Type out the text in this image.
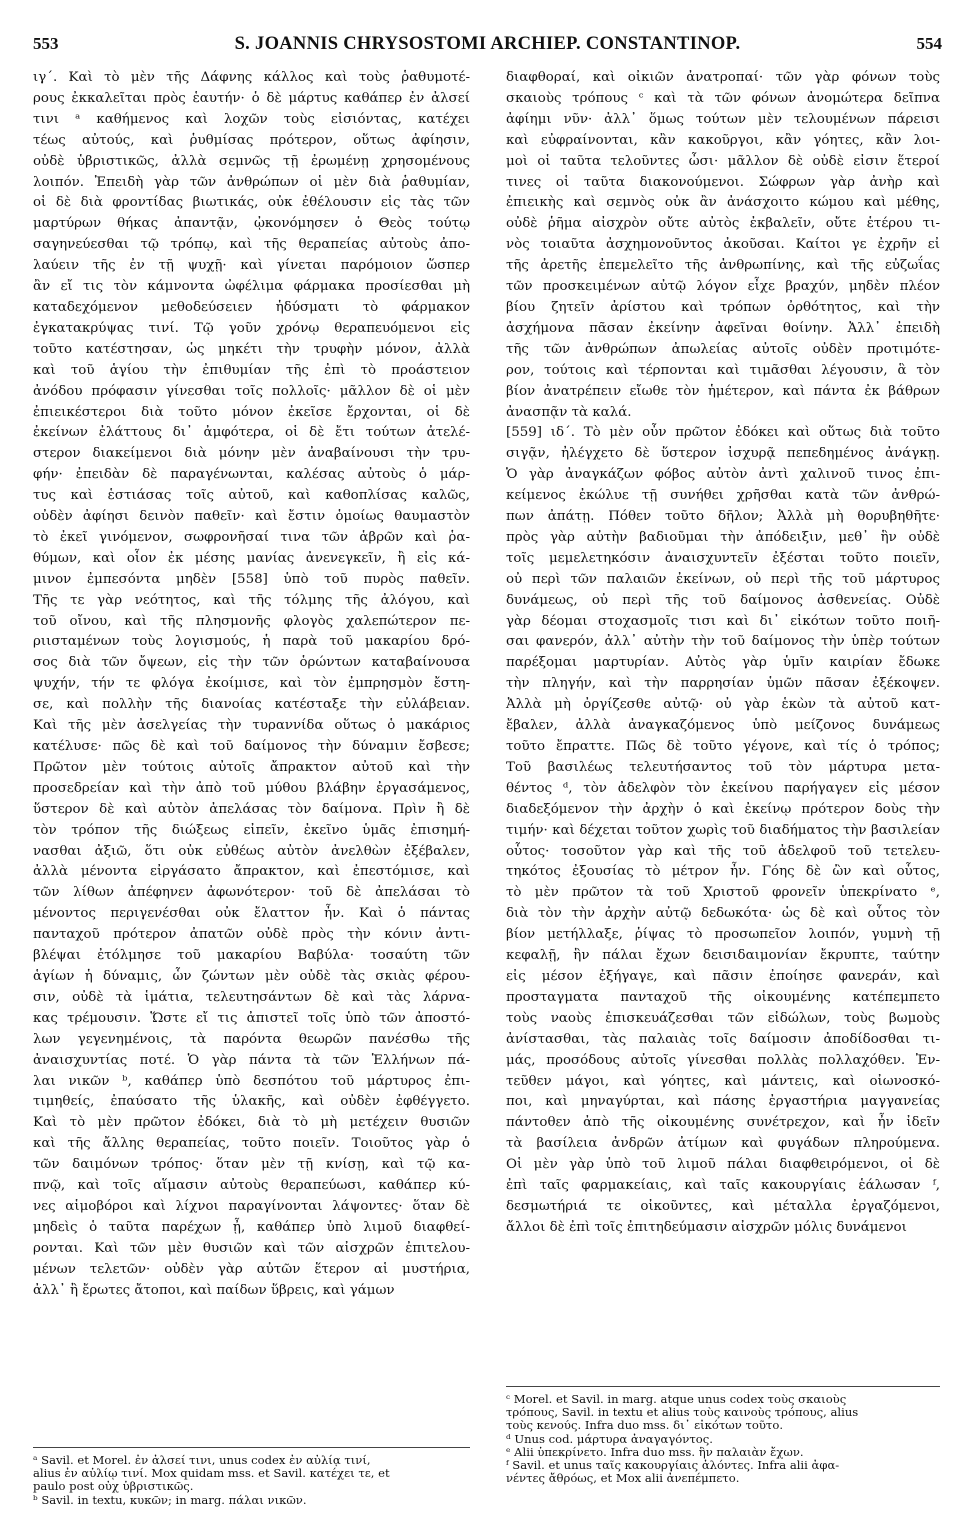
553	S. JOANNIS CHRYSOSTOMI ARCHIEP. CONSTANTINOP.	554

ιγ΄. Καὶ τὸ μὲν τῆς Δάφνης κάλλος καὶ τοὺς ῥαθυμοτέ-

ρους ἐκκαλεῖται πρὸς ἑαυτήν· ὁ δὲ μάρτυς καθάπερ ἐν ἀλσεί

τινι ᵃ καθήμενος καὶ λοχῶν τοὺς εἰσιόντας, κατέχει

τέως αὐτούς, καὶ ῥυθμίσας πρότερον, οὕτως ἀφίησιν,

οὐδὲ ὑβριστικῶς, ἀλλὰ σεμνῶς τῇ ἐρωμένῃ χρησομένους

λοιπόν. Ἐπειδὴ γὰρ τῶν ἀνθρώπων οἱ μὲν διὰ ῥαθυμίαν,

οἱ δὲ διὰ φροντίδας βιωτικάς, οὐκ ἐθέλουσιν εἰς τὰς τῶν

μαρτύρων θήκας ἀπαντᾷν, ᾠκονόμησεν ὁ Θεὸς τούτῳ

σαγηνεύεσθαι τῷ τρόπῳ, καὶ τῆς θεραπείας αὐτοὺς ἀπο-

λαύειν τῆς ἐν τῇ ψυχῇ· καὶ γίνεται παρόμοιον ὥσπερ

ἂν εἴ τις τὸν κάμνοντα ὠφέλιμα φάρμακα προσίεσθαι μὴ

καταδεχόμενον μεθοδεύσειεν ἡδύσματι τὸ φάρμακον

ἐγκατακρύψας τινί. Τῷ γοῦν χρόνῳ θεραπευόμενοι εἰς

τοῦτο κατέστησαν, ὡς μηκέτι τὴν τρυφὴν μόνον, ἀλλὰ

καὶ τοῦ ἁγίου τὴν ἐπιθυμίαν τῆς ἐπὶ τὸ προάστειον

ἀνόδου πρόφασιν γίνεσθαι τοῖς πολλοῖς· μᾶλλον δὲ οἱ μὲν

ἐπιεικέστεροι διὰ τοῦτο μόνον ἐκεῖσε ἔρχονται, οἱ δὲ

ἐκείνων ἐλάττους δι᾽ ἀμφότερα, οἱ δὲ ἔτι τούτων ἀτελέ-

στερον διακείμενοι διὰ μόνην μὲν ἀναβαίνουσι τὴν τρυ-

φήν· ἐπειδὰν δὲ παραγένωνται, καλέσας αὐτοὺς ὁ μάρ-

τυς καὶ ἑστιάσας τοῖς αὐτοῦ, καὶ καθοπλίσας καλῶς,

οὐδὲν ἀφίησι δεινὸν παθεῖν· καὶ ἔστιν ὁμοίως θαυμαστὸν

τὸ ἐκεῖ γινόμενον, σωφρονῆσαί τινα τῶν ἁβρῶν καὶ ῥα-

θύμων, καὶ οἷον ἐκ μέσης μανίας ἀνενεγκεῖν, ἢ εἰς κά-

μινον ἐμπεσόντα μηδὲν [558] ὑπὸ τοῦ πυρὸς παθεῖν.

Τῆς τε γὰρ νεότητος, καὶ τῆς τόλμης τῆς ἀλόγου, καὶ

τοῦ οἴνου, καὶ τῆς πλησμονῆς φλογὸς χαλεπώτερον πε-

ριισταμένων τοὺς λογισμούς, ἡ παρὰ τοῦ μακαρίου δρό-

σος διὰ τῶν ὄψεων, εἰς τὴν τῶν ὁρώντων καταβαίνουσα

ψυχήν, τήν τε φλόγα ἐκοίμισε, καὶ τὸν ἐμπρησμὸν ἔστη-

σε, καὶ πολλὴν τῆς διανοίας κατέσταξε τὴν εὐλάβειαν.

Καὶ τῆς μὲν ἀσελγείας τὴν τυραννίδα οὕτως ὁ μακάριος

κατέλυσε· πῶς δὲ καὶ τοῦ δαίμονος τὴν δύναμιν ἔσβεσε;

Πρῶτον μὲν τούτοις αὐτοῖς ἄπρακτον αὐτοῦ καὶ τὴν

προσεδρείαν καὶ τὴν ἀπὸ τοῦ μύθου βλάβην ἐργασάμενος,

ὕστερον δὲ καὶ αὐτὸν ἀπελάσας τὸν δαίμονα. Πρὶν ἢ δὲ

τὸν τρόπον τῆς διώξεως εἰπεῖν, ἐκεῖνο ὑμᾶς ἐπισημή-

νασθαι ἀξιῶ, ὅτι οὐκ εὐθέως αὐτὸν ἀνελθὼν ἐξέβαλεν,

ἀλλὰ μένοντα εἰργάσατο ἄπρακτον, καὶ ἐπεστόμισε, καὶ

τῶν λίθων ἀπέφηνεν ἀφωνότερον· τοῦ δὲ ἀπελάσαι τὸ

μένοντος περιγενέσθαι οὐκ ἔλαττον ἦν. Καὶ ὁ πάντας

πανταχοῦ πρότερον ἀπατῶν οὐδὲ πρὸς τὴν κόνιν ἀντι-

βλέψαι ἐτόλμησε τοῦ μακαρίου Βαβύλα· τοσαύτη τῶν

ἁγίων ἡ δύναμις, ὧν ζώντων μὲν οὐδὲ τὰς σκιὰς φέρου-

σιν, οὐδὲ τὰ ἱμάτια, τελευτησάντων δὲ καὶ τὰς λάρνα-

κας τρέμουσιν. Ὥστε εἴ τις ἀπιστεῖ τοῖς ὑπὸ τῶν ἀποστό-

λων γεγενημένοις, τὰ παρόντα θεωρῶν πανέσθω τῆς

ἀναισχυντίας ποτέ. Ὁ γὰρ πάντα τὰ τῶν Ἑλλήνων πά-

λαι νικῶν ᵇ, καθάπερ ὑπὸ δεσπότου τοῦ μάρτυρος ἐπι-

τιμηθείς, ἐπαύσατο τῆς ὑλακῆς, καὶ οὐδὲν ἐφθέγγετο.

Καὶ τὸ μὲν πρῶτον ἐδόκει, διὰ τὸ μὴ μετέχειν θυσιῶν

καὶ τῆς ἄλλης θεραπείας, τοῦτο ποιεῖν. Τοιοῦτος γὰρ ὁ

τῶν δαιμόνων τρόπος· ὅταν μὲν τῇ κνίσῃ, καὶ τῷ κα-

πνῷ, καὶ τοῖς αἵμασιν αὐτοὺς θεραπεύωσι, καθάπερ κύ-

νες αἱμοβόροι καὶ λίχνοι παραγίνονται λάψοντες· ὅταν δὲ

μηδεὶς ὁ ταῦτα παρέχων ᾖ, καθάπερ ὑπὸ λιμοῦ διαφθεί-

ρονται. Καὶ τῶν μὲν θυσιῶν καὶ τῶν αἰσχρῶν ἐπιτελου-

μένων τελετῶν· οὐδὲν γὰρ αὐτῶν ἕτερον αἱ μυστήρια,

ἀλλ᾽ ἢ ἔρωτες ἄτοποι, καὶ παίδων ὕβρεις, καὶ γάμων

διαφθοραί, καὶ οἰκιῶν ἀνατροπαί· τῶν γὰρ φόνων τοὺς

σκαιοὺς τρόπους ᶜ καὶ τὰ τῶν φόνων ἀνομώτερα δεῖπνα

ἀφίημι νῦν· ἀλλ᾽ ὅμως τούτων μὲν τελουμένων πάρεισι

καὶ εὐφραίνονται, κἂν κακοῦργοι, κἂν γόητες, κἂν λοι-

μοὶ οἱ ταῦτα τελοῦντες ὦσι· μᾶλλον δὲ οὐδὲ εἰσιν ἕτεροί

τινες οἱ ταῦτα διακονούμενοι. Σώφρων γὰρ ἀνὴρ καὶ

ἐπιεικὴς καὶ σεμνὸς οὐκ ἂν ἀνάσχοιτο κώμου καὶ μέθης,

οὐδὲ ῥῆμα αἰσχρὸν οὔτε αὐτὸς ἐκβαλεῖν, οὔτε ἑτέρου τι-

νὸς τοιαῦτα ἀσχημονοῦντος ἀκοῦσαι. Καίτοι γε ἐχρῆν εἰ

τῆς ἀρετῆς ἐπεμελεῖτο τῆς ἀνθρωπίνης, καὶ τῆς εὐζωΐας

τῶν προσκειμένων αὐτῷ λόγον εἶχε βραχύν, μηδὲν πλέον

βίου ζητεῖν ἀρίστου καὶ τρόπων ὀρθότητος, καὶ τὴν

ἀσχήμονα πᾶσαν ἐκείνην ἀφεῖναι θοίνην. Ἀλλ᾽ ἐπειδὴ

τῆς τῶν ἀνθρώπων ἀπωλείας αὐτοῖς οὐδὲν προτιμότε-

ρον, τούτοις καὶ τέρπονται καὶ τιμᾶσθαι λέγουσιν, ἃ τὸν

βίον ἀνατρέπειν εἴωθε τὸν ἡμέτερον, καὶ πάντα ἐκ βάθρων

ἀνασπᾷν τὰ καλά.

[559] ιδ΄. Τὸ μὲν οὖν πρῶτον ἐδόκει καὶ οὕτως διὰ τοῦτο

σιγᾷν, ἠλέγχετο δὲ ὕστερον ἰσχυρᾷ πεπεδημένος ἀνάγκῃ.

Ὁ γὰρ ἀναγκάζων φόβος αὐτὸν ἀντὶ χαλινοῦ τινος ἐπι-

κείμενος ἐκώλυε τῇ συνήθει χρῆσθαι κατὰ τῶν ἀνθρώ-

πων ἀπάτῃ. Πόθεν τοῦτο δῆλον; Ἀλλὰ μὴ θορυβηθῆτε·

πρὸς γὰρ αὐτὴν βαδιοῦμαι τὴν ἀπόδειξιν, μεθ᾽ ἣν οὐδὲ

τοῖς μεμελετηκόσιν ἀναισχυντεῖν ἐξέσται τοῦτο ποιεῖν,

οὐ περὶ τῶν παλαιῶν ἐκείνων, οὐ περὶ τῆς τοῦ μάρτυρος

δυνάμεως, οὐ περὶ τῆς τοῦ δαίμονος ἀσθενείας. Οὐδὲ

γὰρ δέομαι στοχασμοῖς τισι καὶ δι᾽ εἰκότων τοῦτο ποιῆ-

σαι φανερόν, ἀλλ᾽ αὐτὴν τὴν τοῦ δαίμονος τὴν ὑπὲρ τούτων

παρέξομαι μαρτυρίαν. Αὐτὸς γὰρ ὑμῖν καιρίαν ἔδωκε

τὴν πληγήν, καὶ τὴν παρρησίαν ὑμῶν πᾶσαν ἐξέκοψεν.

Ἀλλὰ μὴ ὀργίζεσθε αὐτῷ· οὐ γὰρ ἑκὼν τὰ αὐτοῦ κατ-

ἔβαλεν, ἀλλὰ ἀναγκαζόμενος ὑπὸ μείζονος δυνάμεως

τοῦτο ἔπραττε. Πῶς δὲ τοῦτο γέγονε, καὶ τίς ὁ τρόπος;

Τοῦ βασιλέως τελευτήσαντος τοῦ τὸν μάρτυρα μετα-

θέντος ᵈ, τὸν ἀδελφὸν τὸν ἐκείνου παρήγαγεν εἰς μέσον

διαδεξόμενον τὴν ἀρχὴν ὁ καὶ ἐκείνῳ πρότερον δοὺς τὴν

τιμήν· καὶ δέχεται τοῦτον χωρὶς τοῦ διαδήματος τὴν βασιλείαν

οὗτος· τοσοῦτον γὰρ καὶ τῆς τοῦ ἀδελφοῦ τοῦ τετελευ-

τηκότος ἐξουσίας τὸ μέτρον ἦν. Γόης δὲ ὢν καὶ οὗτος,

τὸ μὲν πρῶτον τὰ τοῦ Χριστοῦ φρονεῖν ὑπεκρίνατο ᵉ,

διὰ τὸν τὴν ἀρχὴν αὐτῷ δεδωκότα· ὡς δὲ καὶ οὗτος τὸν

βίον μετήλλαξε, ῥίψας τὸ προσωπεῖον λοιπόν, γυμνὴ τῇ

κεφαλῇ, ἣν πάλαι ἔχων δεισιδαιμονίαν ἔκρυπτε, ταύτην

εἰς μέσον ἐξήγαγε, καὶ πᾶσιν ἐποίησε φανεράν, καὶ

προσταγματα πανταχοῦ τῆς οἰκουμένης κατέπεμπετο

τοὺς ναοὺς ἐπισκευάζεσθαι τῶν εἰδώλων, τοὺς βωμοὺς

ἀνίστασθαι, τὰς παλαιὰς τοῖς δαίμοσιν ἀποδίδοσθαι τι-

μάς, προσόδους αὐτοῖς γίνεσθαι πολλὰς πολλαχόθεν. Ἐν-

τεῦθεν μάγοι, καὶ γόητες, καὶ μάντεις, καὶ οἰωνοσκό-

ποι, καὶ μηναγύρται, καὶ πάσης ἐργαστήρια μαγγανείας

πάντοθεν ἀπὸ τῆς οἰκουμένης συνέτρεχον, καὶ ἦν ἰδεῖν

τὰ βασίλεια ἀνδρῶν ἀτίμων καὶ φυγάδων πληρούμενα.

Οἱ μὲν γὰρ ὑπὸ τοῦ λιμοῦ πάλαι διαφθειρόμενοι, οἱ δὲ

ἐπὶ ταῖς φαρμακείαις, καὶ ταῖς κακουργίαις ἑάλωσαν ᶠ,

δεσμωτήριά τε οἰκοῦντες, καὶ μέταλλα ἐργαζόμενοι,

ἄλλοι δὲ ἐπὶ τοῖς ἐπιτηδεύμασιν αἰσχρῶν μόλις δυνάμενοι

ᵃ Savil. et Morel. ἐν ἀλσεί τινι, unus codex ἐν αὐλίᾳ τινί,

alius ἐν αὐλίῳ τινί. Mox quidam mss. et Savil. κατέχει τε, et

paulo post οὐχ ὑβριστικῶς.

ᵇ Savil. in textu, κυκῶν; in marg. πάλαι νικῶν.

ᶜ Morel. et Savil. in marg. atque unus codex τοὺς σκαιοὺς

τρόπους, Savil. in textu et alius τοὺς καινοὺς τρόπους, alius

τοὺς κενούς. Infra duo mss. δι᾽ εἰκότων τοῦτο.

ᵈ Unus cod. μάρτυρα ἀναγαγόντος.

ᵉ Alii ὑπεκρίνετο. Infra duo mss. ἣν παλαιὰν ἔχων.

ᶠ Savil. et unus ταῖς κακουργίαις ἁλόντες. Infra alii ἀφα-

νέντες ἄθρόως, et Mox alii ἀνεπέμπετο.
